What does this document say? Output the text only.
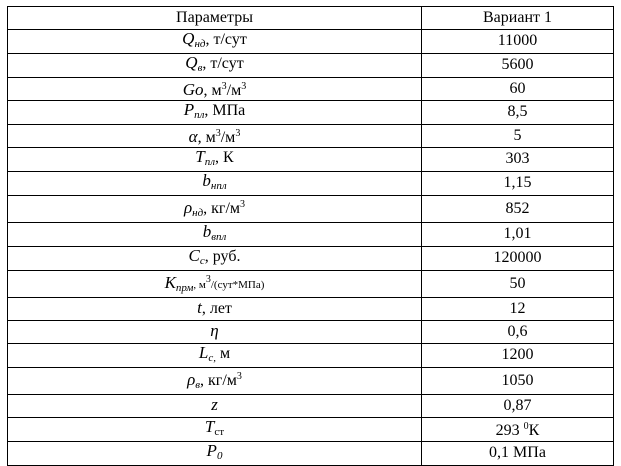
Параметры	Вариант 1
$Q_{нд}$, т/сут	11000
$Q_в$, т/сут	5600
Go, $м^3/м^3$	60
$P_{пл}$, МПа	8,5
α, $м^3/м^3$	5
$T_{пл}$, К	303
$b_{нпл}$	1,15
$\rho_{нд}$, $кг/м^3$	852
$b_{впл}$	1,01
$C_с$, руб.	120000
$K_{прм}$, $м^3/(сут*МПа)$	50
t, лет	12
η	0,6
$L_{с,}$ м	1200
$\rho_в$, $кг/м^3$	1050
z	0,87
Tст	293 $^0$К
$P_0$	0,1 МПа
